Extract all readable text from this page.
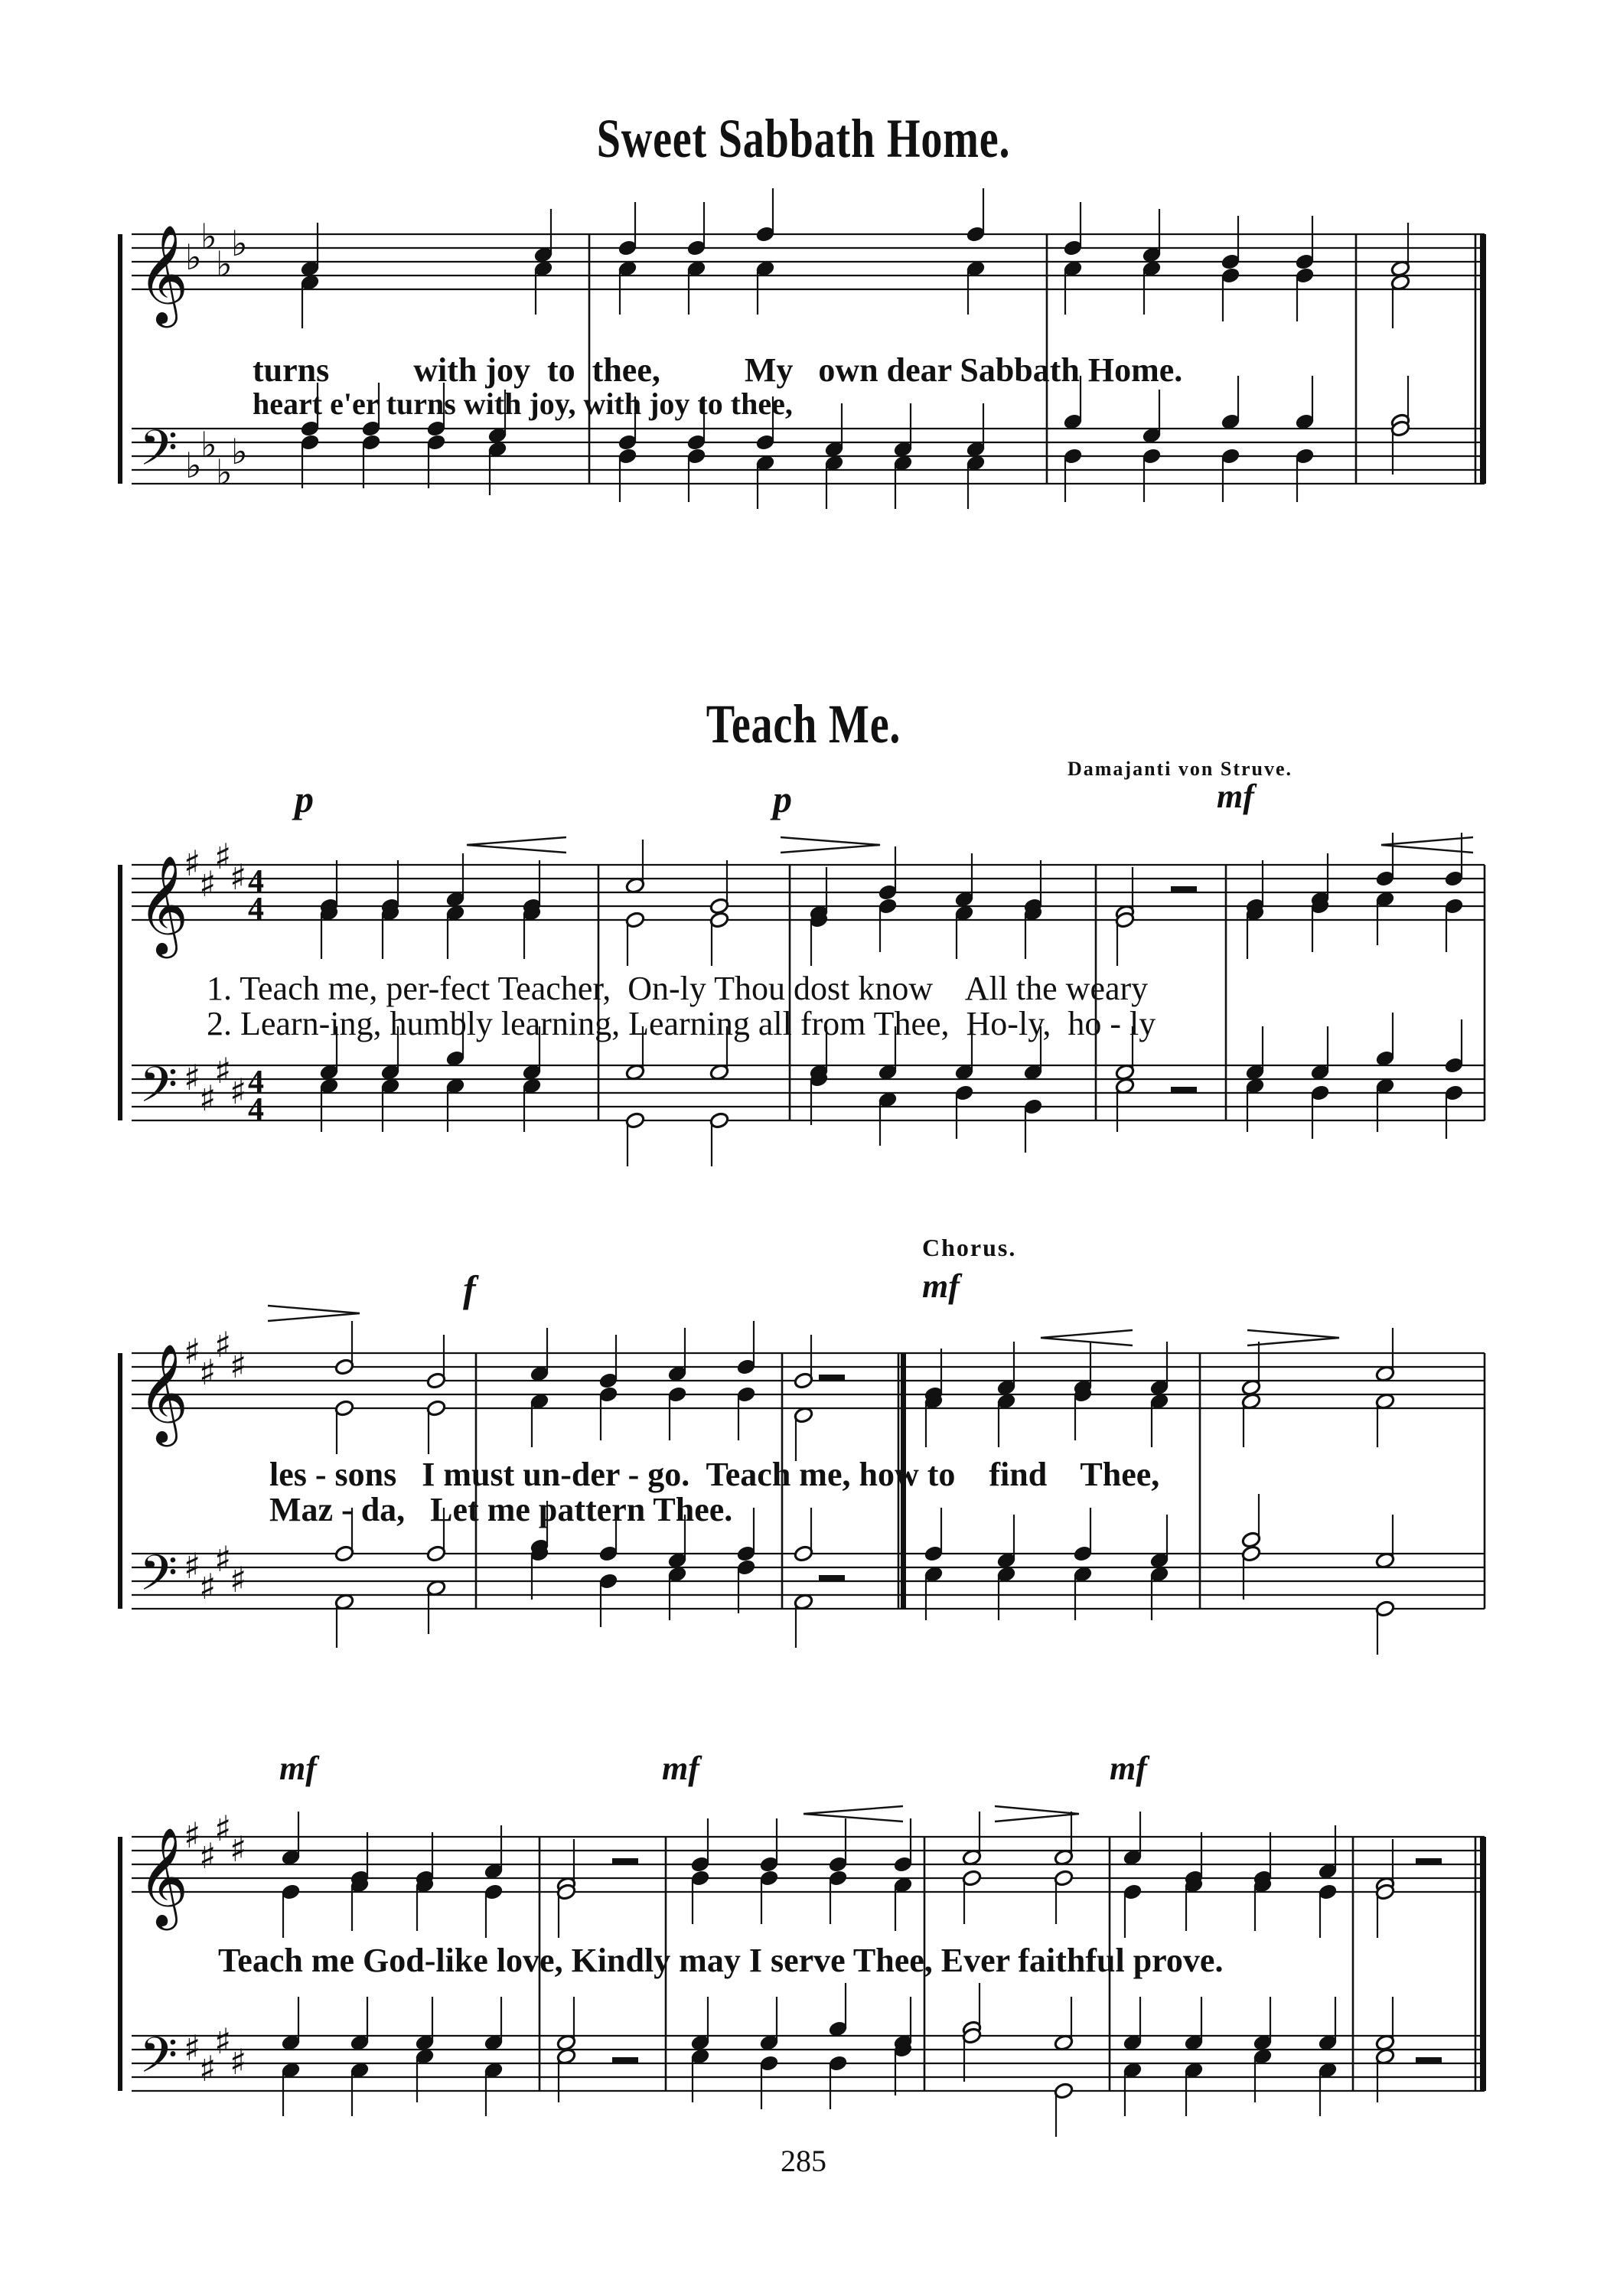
Sweet Sabbath Home.
𝄞
𝄢
♭
♭
♭
♭
♭
♭
♭
♭
turns          with joy  to  thee,          My   own dear Sabbath Home.
heart e'er turns with joy, with joy to thee,
Teach Me.
Damajanti von Struve.
p	p	mf
𝄞
𝄢
♯
♯
♯
♯
♯
♯
♯
♯
4
4
4
4
1. Teach me, per-fect Teacher,  On-ly Thou dost know    All the weary
2. Learn-ing, humbly learning, Learning all from Thee,  Ho-ly,  ho - ly
Chorus.
f	mf
𝄞
𝄢
♯
♯
♯
♯
♯
♯
♯
♯
les - sons   I must un-der - go.  Teach me, how to    find    Thee,
Maz - da,   Let me pattern Thee.
mf	mf	mf
𝄞
𝄢
♯
♯
♯
♯
♯
♯
♯
♯
Teach me God-like love, Kindly may I serve Thee, Ever faithful prove.
285
